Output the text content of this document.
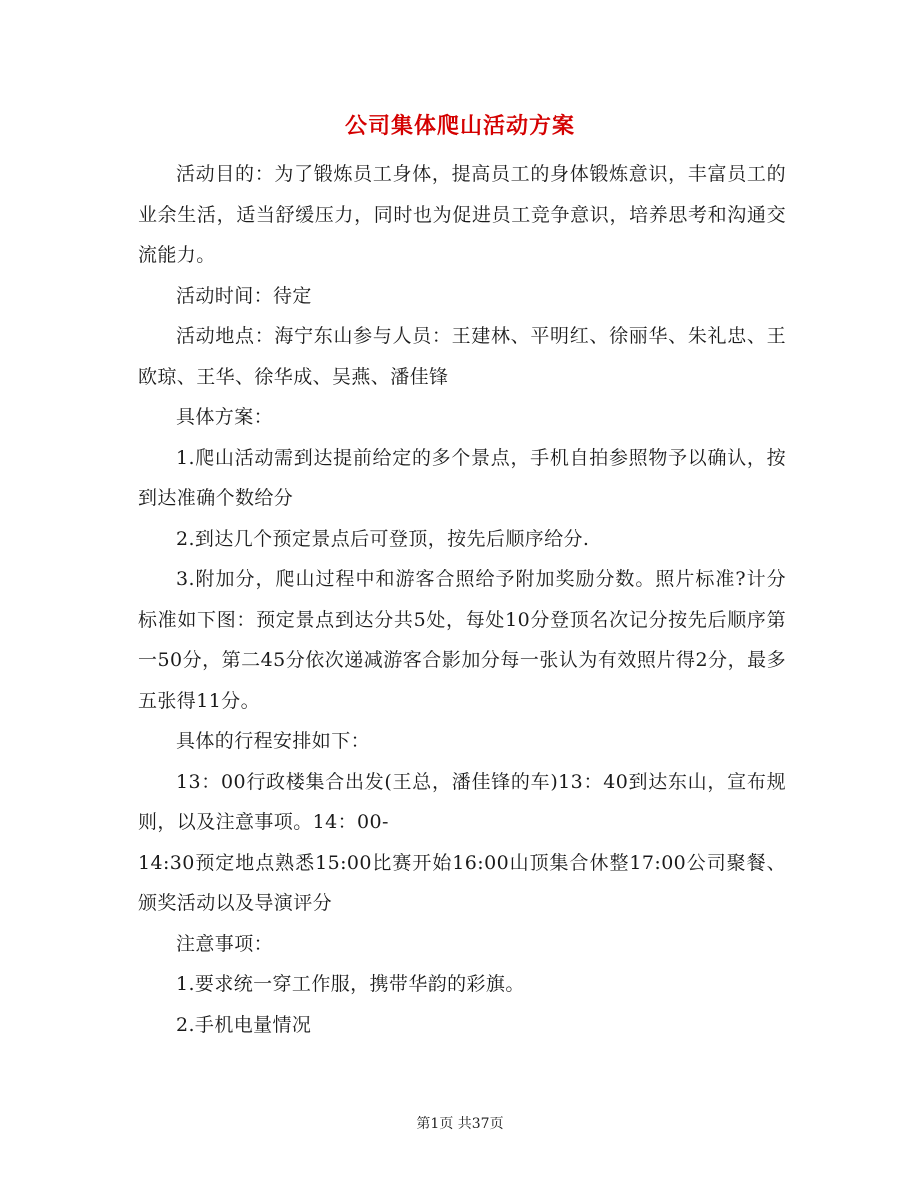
公司集体爬山活动方案

活动目的：为了锻炼员工身体，提高员工的身体锻炼意识，丰富员工的业余生活，适当舒缓压力，同时也为促进员工竞争意识，培养思考和沟通交流能力。

活动时间：待定

活动地点：海宁东山参与人员：王建林、平明红、徐丽华、朱礼忠、王欧琼、王华、徐华成、吴燕、潘佳锋

具体方案：

1.爬山活动需到达提前给定的多个景点，手机自拍参照物予以确认，按到达准确个数给分

2.到达几个预定景点后可登顶，按先后顺序给分.

3.附加分，爬山过程中和游客合照给予附加奖励分数。照片标准?计分标准如下图：预定景点到达分共5处，每处10分登顶名次记分按先后顺序第一50分，第二45分依次递减游客合影加分每一张认为有效照片得2分，最多五张得11分。

具体的行程安排如下：

13：00行政楼集合出发(王总，潘佳锋的车)13：40到达东山，宣布规则，以及注意事项。14：00-

14:30预定地点熟悉15:00比赛开始16:00山顶集合休整17:00公司聚餐、颁奖活动以及导演评分

注意事项：

1.要求统一穿工作服，携带华韵的彩旗。

2.手机电量情况

第1页 共37页
